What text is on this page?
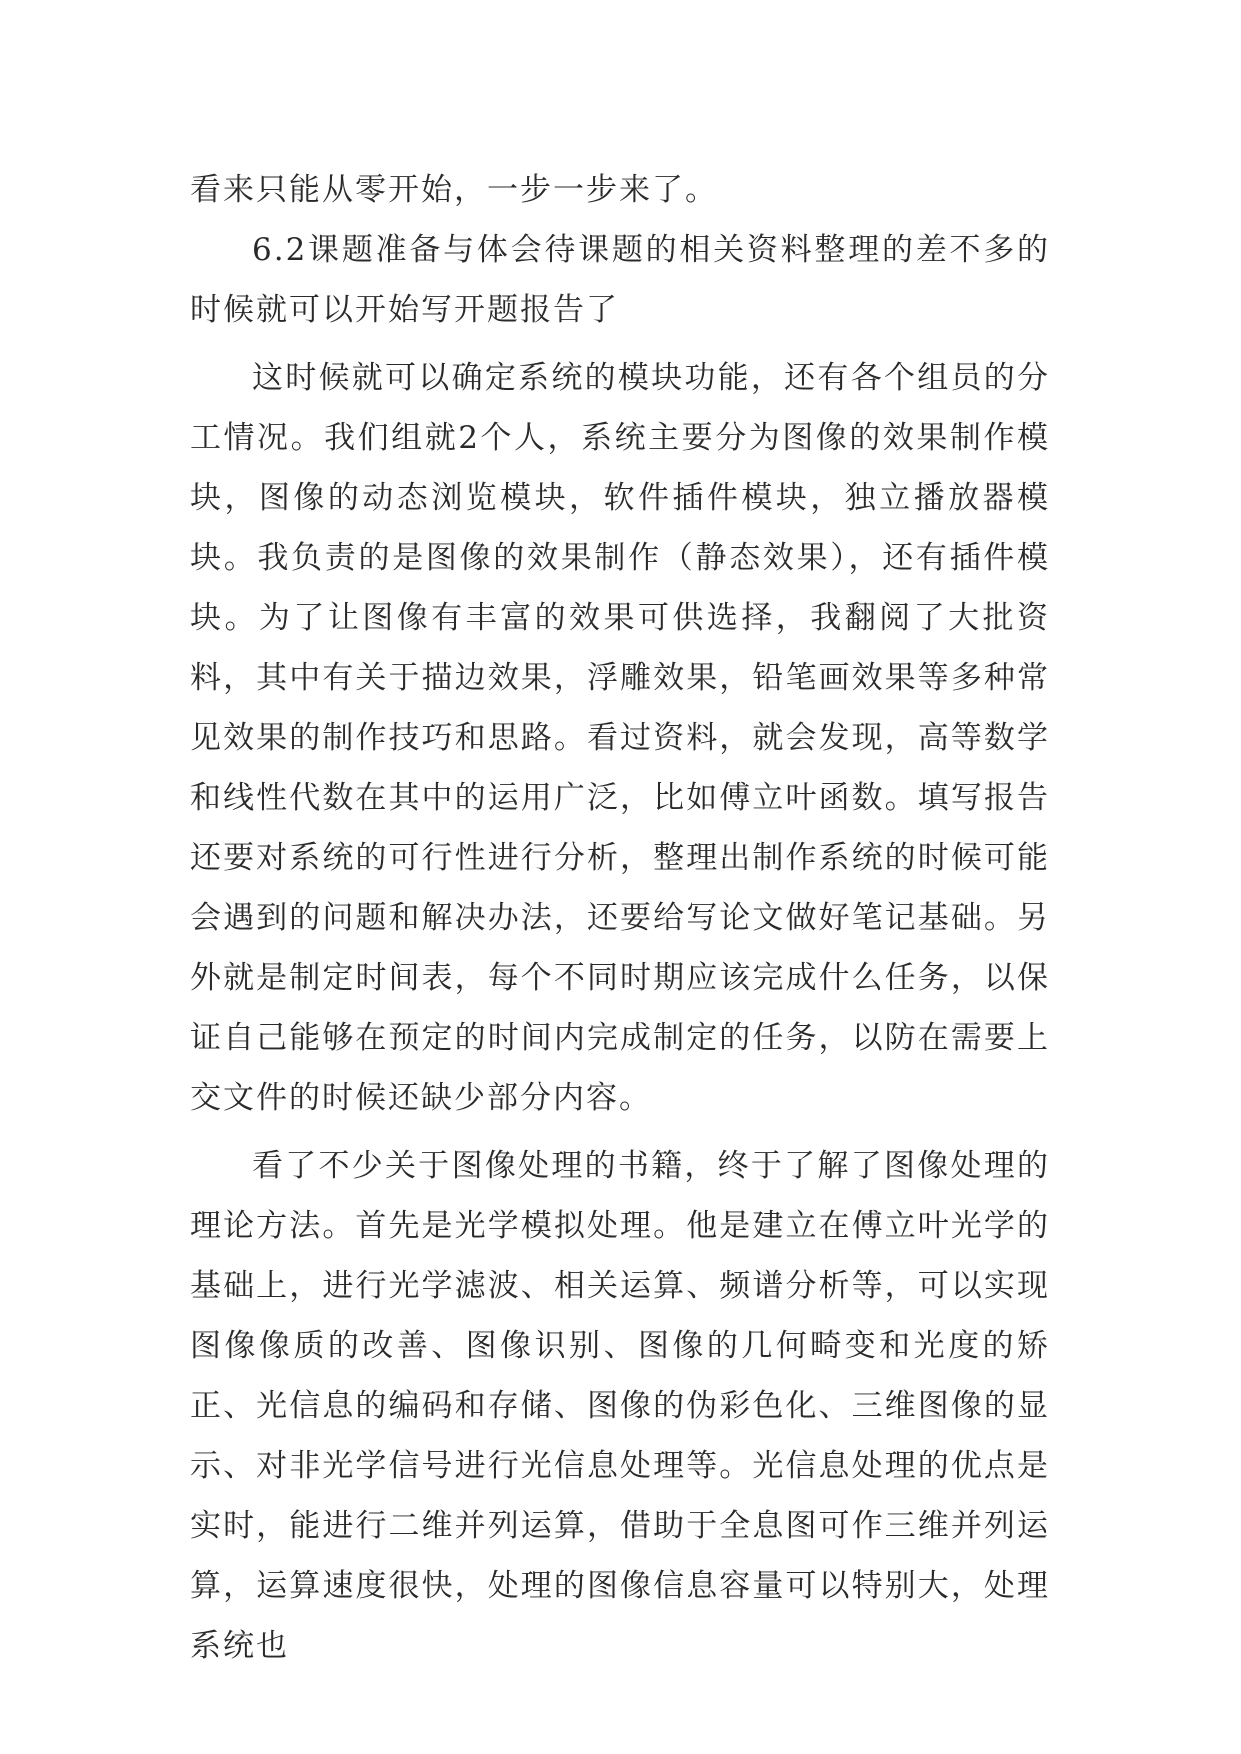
看来只能从零开始，一步一步来了。

6.2课题准备与体会待课题的相关资料整理的差不多的时候就可以开始写开题报告了

这时候就可以确定系统的模块功能，还有各个组员的分工情况。我们组就2个人，系统主要分为图像的效果制作模块，图像的动态浏览模块，软件插件模块，独立播放器模块。我负责的是图像的效果制作（静态效果），还有插件模块。为了让图像有丰富的效果可供选择，我翻阅了大批资料，其中有关于描边效果，浮雕效果，铅笔画效果等多种常见效果的制作技巧和思路。看过资料，就会发现，高等数学和线性代数在其中的运用广泛，比如傅立叶函数。填写报告还要对系统的可行性进行分析，整理出制作系统的时候可能会遇到的问题和解决办法，还要给写论文做好笔记基础。另外就是制定时间表，每个不同时期应该完成什么任务，以保证自己能够在预定的时间内完成制定的任务，以防在需要上交文件的时候还缺少部分内容。

看了不少关于图像处理的书籍，终于了解了图像处理的理论方法。首先是光学模拟处理。他是建立在傅立叶光学的基础上，进行光学滤波、相关运算、频谱分析等，可以实现图像像质的改善、图像识别、图像的几何畸变和光度的矫正、光信息的编码和存储、图像的伪彩色化、三维图像的显示、对非光学信号进行光信息处理等。光信息处理的优点是实时，能进行二维并列运算，借助于全息图可作三维并列运算，运算速度很快，处理的图像信息容量可以特别大，处理系统也
